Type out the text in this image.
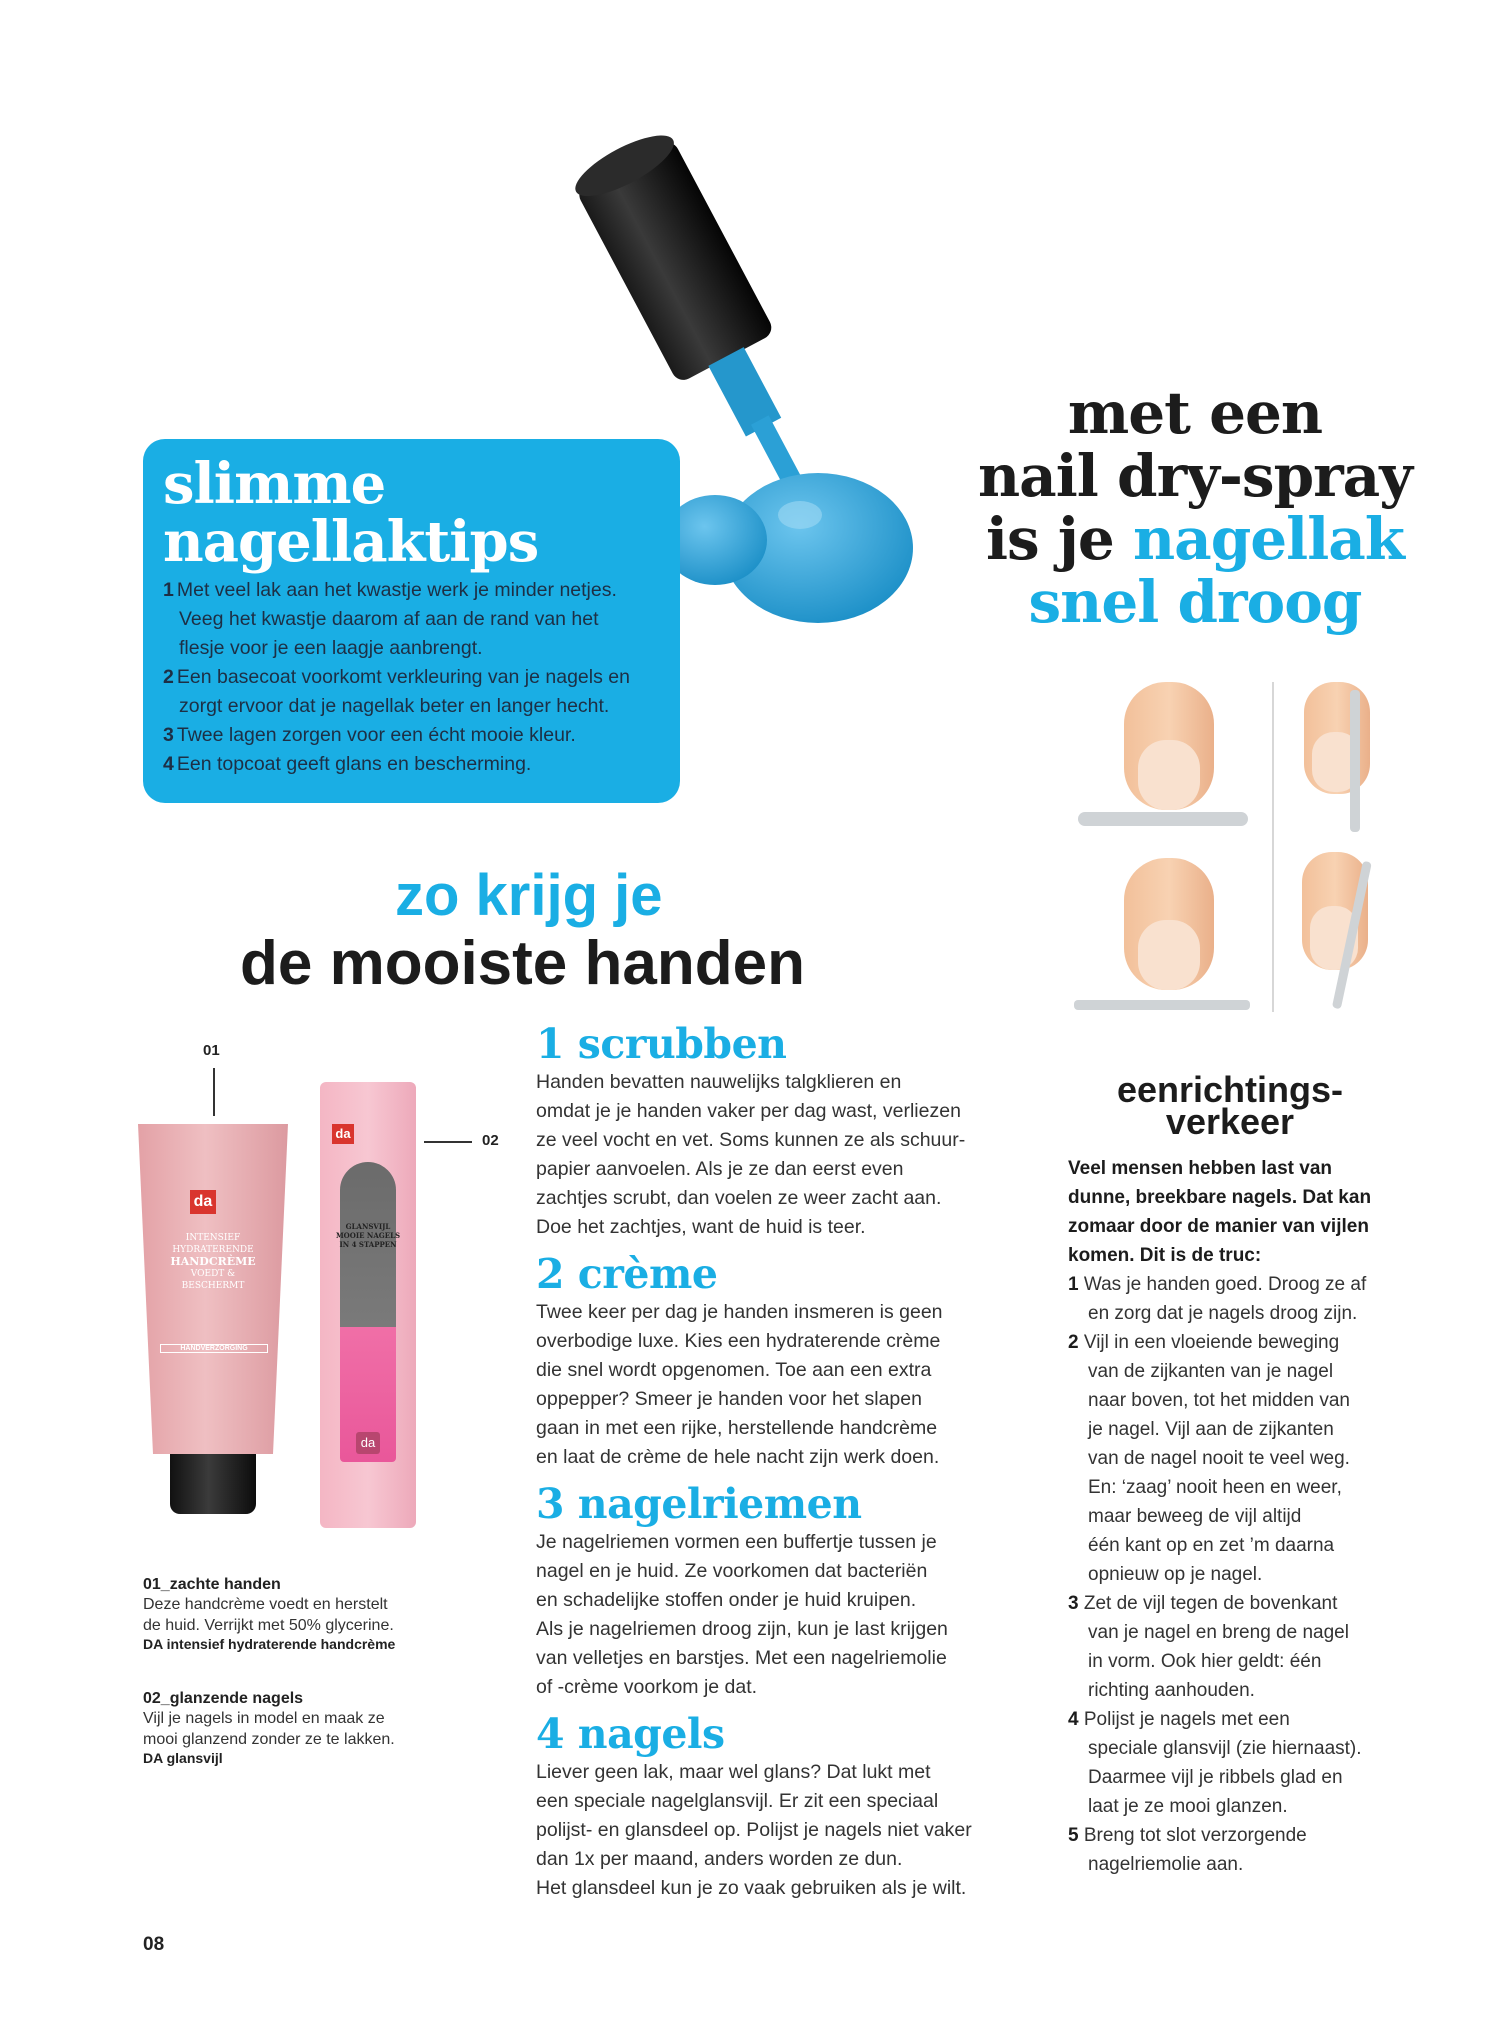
slimme
nagellaktips
1 Met veel lak aan het kwastje werk je minder netjes.
Veeg het kwastje daarom af aan de rand van het
flesje voor je een laagje aanbrengt.
2 Een basecoat voorkomt verkleuring van je nagels en
zorgt ervoor dat je nagellak beter en langer hecht.
3 Twee lagen zorgen voor een écht mooie kleur.
4 Een topcoat geeft glans en bescherming.
met een
nail dry-spray
is je nagellak
snel droog
zo krijg je
de mooiste handen
01
02
da
INTENSIEF
HYDRATERENDE
HANDCRÈME
VOEDT & BESCHERMT
HANDVERZORGING
da
GLANSVIJL
MOOIE NAGELS
IN 4 STAPPEN
da
01_zachte handen
Deze handcrème voedt en herstelt
de huid. Verrijkt met 50% glycerine.
DA intensief hydraterende handcrème
02_glanzende nagels
Vijl je nagels in model en maak ze
mooi glanzend zonder ze te lakken.
DA glansvijl
1 scrubben
Handen bevatten nauwelijks talgklieren en
omdat je je handen vaker per dag wast, verliezen
ze veel vocht en vet. Soms kunnen ze als schuur-
papier aanvoelen. Als je ze dan eerst even
zachtjes scrubt, dan voelen ze weer zacht aan.
Doe het zachtjes, want de huid is teer.
2 crème
Twee keer per dag je handen insmeren is geen
overbodige luxe. Kies een hydraterende crème
die snel wordt opgenomen. Toe aan een extra
oppepper? Smeer je handen voor het slapen
gaan in met een rijke, herstellende handcrème
en laat de crème de hele nacht zijn werk doen.
3 nagelriemen
Je nagelriemen vormen een buffertje tussen je
nagel en je huid. Ze voorkomen dat bacteriën
en schadelijke stoffen onder je huid kruipen.
Als je nagelriemen droog zijn, kun je last krijgen
van velletjes en barstjes. Met een nagelriemolie
of -crème voorkom je dat.
4 nagels
Liever geen lak, maar wel glans? Dat lukt met
een speciale nagelglansvijl. Er zit een speciaal
polijst- en glansdeel op. Polijst je nagels niet vaker
dan 1x per maand, anders worden ze dun.
Het glansdeel kun je zo vaak gebruiken als je wilt.
eenrichtings-
verkeer
Veel mensen hebben last van
dunne, breekbare nagels. Dat kan
zomaar door de manier van vijlen
komen. Dit is de truc:
1 Was je handen goed. Droog ze af
en zorg dat je nagels droog zijn.
2 Vijl in een vloeiende beweging
van de zijkanten van je nagel
naar boven, tot het midden van
je nagel. Vijl aan de zijkanten
van de nagel nooit te veel weg.
En: ‘zaag’ nooit heen en weer,
maar beweeg de vijl altijd
één kant op en zet ’m daarna
opnieuw op je nagel.
3 Zet de vijl tegen de bovenkant
van je nagel en breng de nagel
in vorm. Ook hier geldt: één
richting aanhouden.
4 Polijst je nagels met een
speciale glansvijl (zie hiernaast).
Daarmee vijl je ribbels glad en
laat je ze mooi glanzen.
5 Breng tot slot verzorgende
nagelriemolie aan.
08
